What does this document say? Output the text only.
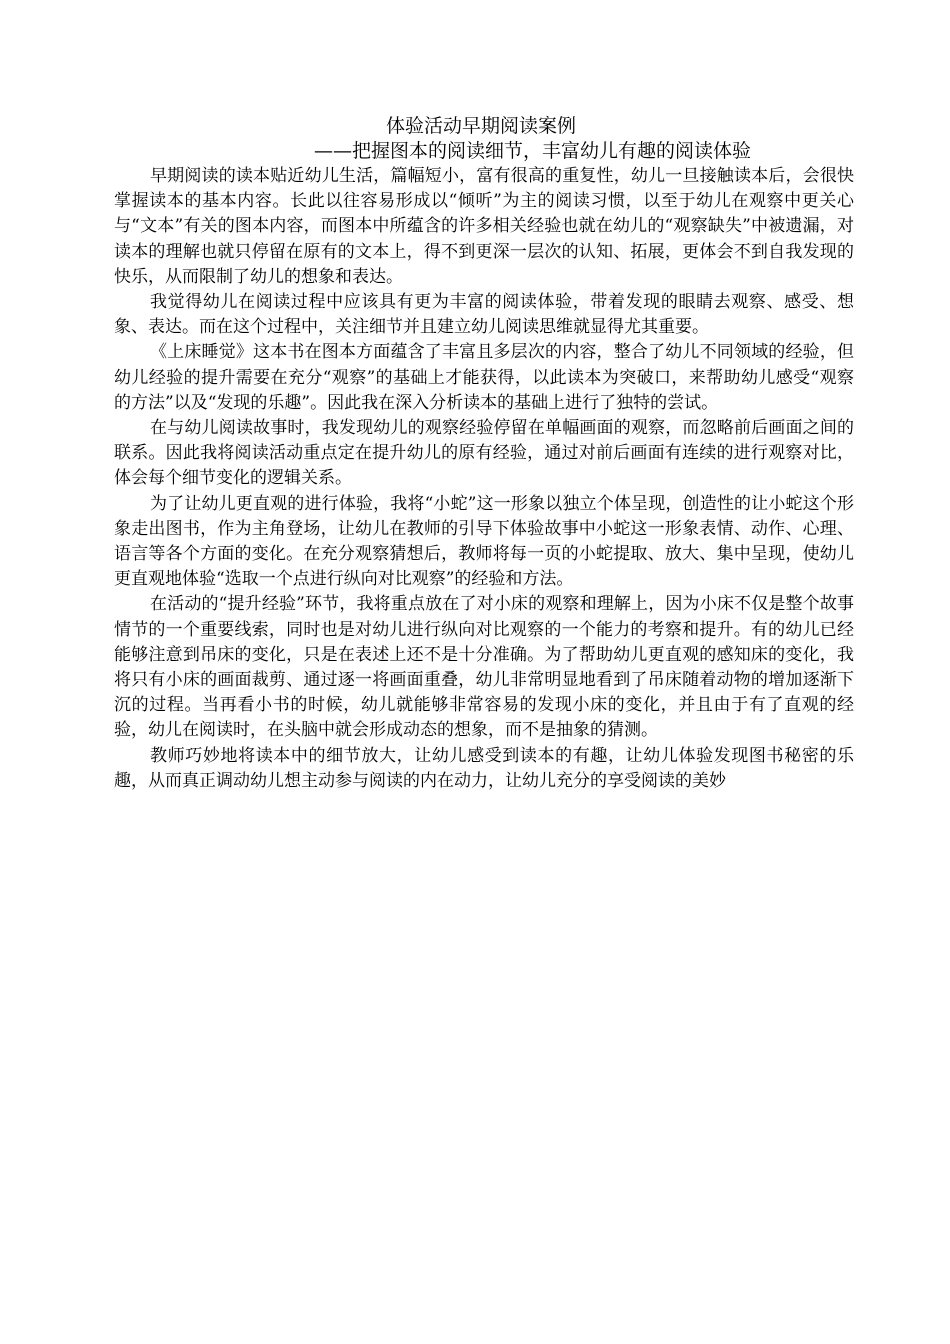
体验活动早期阅读案例
——把握图本的阅读细节，丰富幼儿有趣的阅读体验

早期阅读的读本贴近幼儿生活，篇幅短小，富有很高的重复性，幼儿一旦接触读本后，会很快掌握读本的基本内容。长此以往容易形成以“倾听”为主的阅读习惯，以至于幼儿在观察中更关心与“文本”有关的图本内容，而图本中所蕴含的许多相关经验也就在幼儿的“观察缺失”中被遗漏，对读本的理解也就只停留在原有的文本上，得不到更深一层次的认知、拓展，更体会不到自我发现的快乐，从而限制了幼儿的想象和表达。

我觉得幼儿在阅读过程中应该具有更为丰富的阅读体验，带着发现的眼睛去观察、感受、想象、表达。而在这个过程中，关注细节并且建立幼儿阅读思维就显得尤其重要。

《上床睡觉》这本书在图本方面蕴含了丰富且多层次的内容，整合了幼儿不同领域的经验，但幼儿经验的提升需要在充分“观察”的基础上才能获得，以此读本为突破口，来帮助幼儿感受“观察的方法”以及“发现的乐趣”。因此我在深入分析读本的基础上进行了独特的尝试。

在与幼儿阅读故事时，我发现幼儿的观察经验停留在单幅画面的观察，而忽略前后画面之间的联系。因此我将阅读活动重点定在提升幼儿的原有经验，通过对前后画面有连续的进行观察对比，体会每个细节变化的逻辑关系。

为了让幼儿更直观的进行体验，我将“小蛇”这一形象以独立个体呈现，创造性的让小蛇这个形象走出图书，作为主角登场，让幼儿在教师的引导下体验故事中小蛇这一形象表情、动作、心理、语言等各个方面的变化。在充分观察猜想后，教师将每一页的小蛇提取、放大、集中呈现，使幼儿更直观地体验“选取一个点进行纵向对比观察”的经验和方法。

在活动的“提升经验”环节，我将重点放在了对小床的观察和理解上，因为小床不仅是整个故事情节的一个重要线索，同时也是对幼儿进行纵向对比观察的一个能力的考察和提升。有的幼儿已经能够注意到吊床的变化，只是在表述上还不是十分准确。为了帮助幼儿更直观的感知床的变化，我将只有小床的画面裁剪、通过逐一将画面重叠，幼儿非常明显地看到了吊床随着动物的增加逐渐下沉的过程。当再看小书的时候，幼儿就能够非常容易的发现小床的变化，并且由于有了直观的经验，幼儿在阅读时，在头脑中就会形成动态的想象，而不是抽象的猜测。

教师巧妙地将读本中的细节放大，让幼儿感受到读本的有趣，让幼儿体验发现图书秘密的乐趣，从而真正调动幼儿想主动参与阅读的内在动力，让幼儿充分的享受阅读的美妙
